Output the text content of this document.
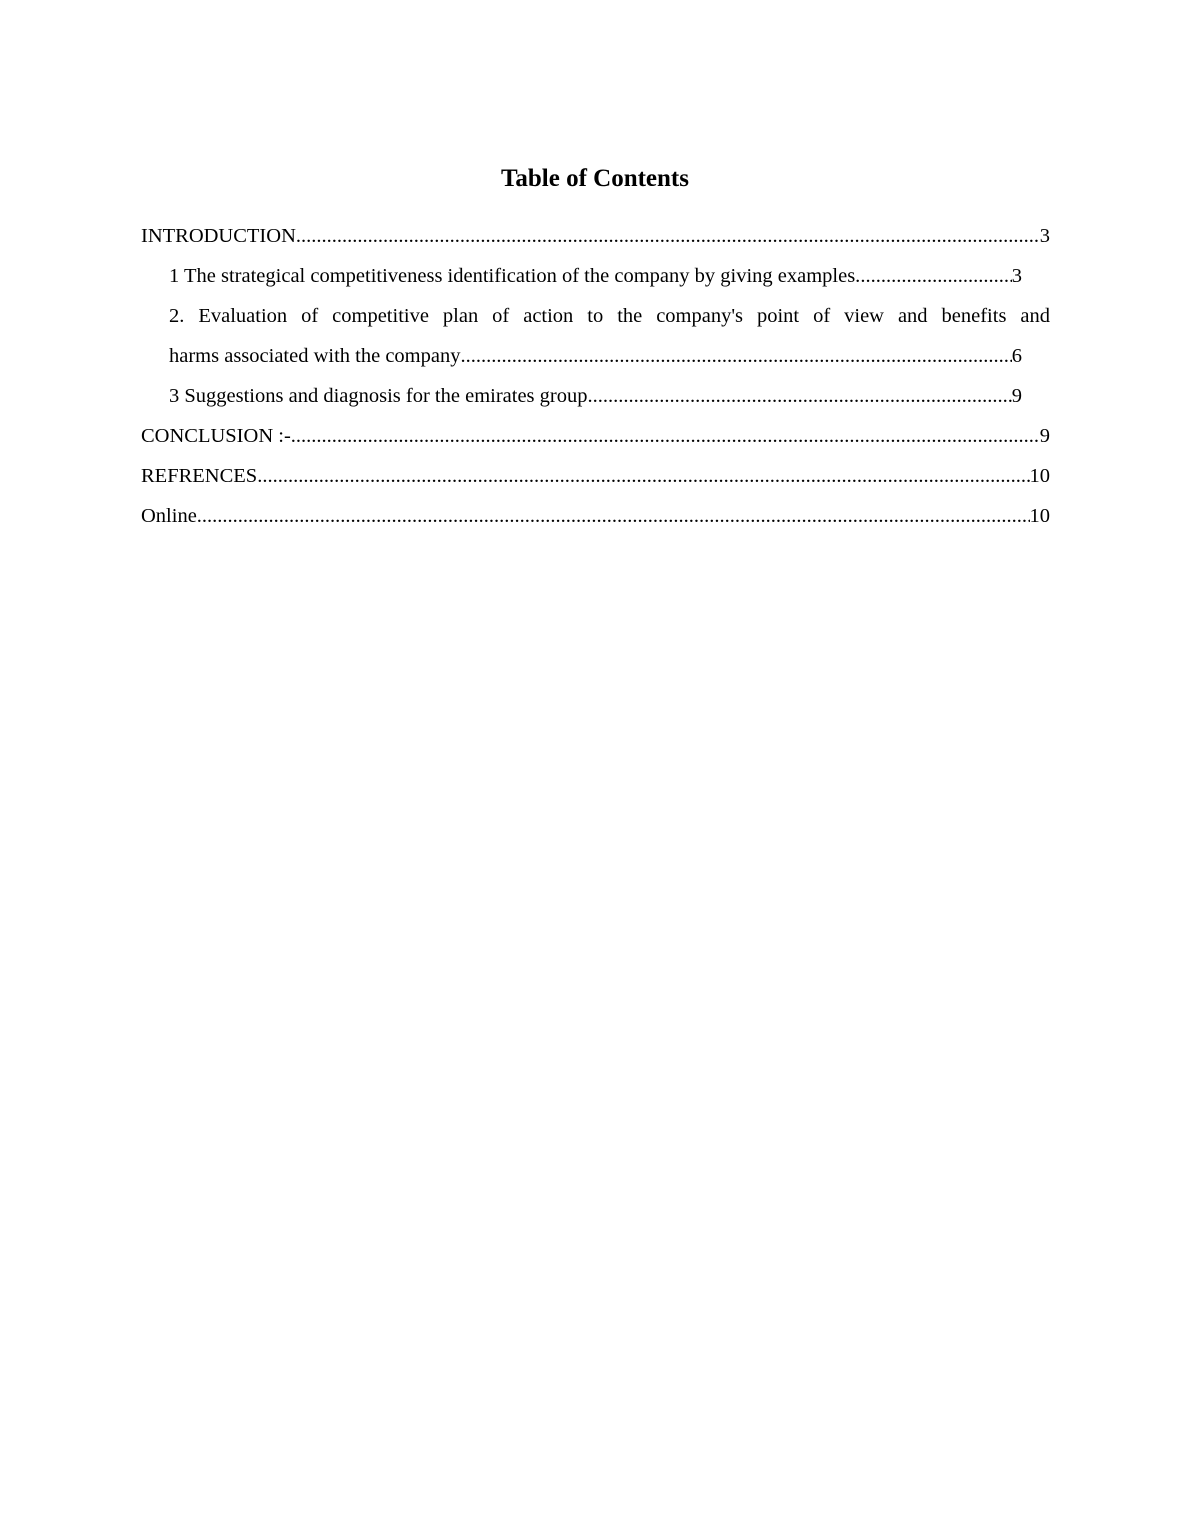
Table of Contents
INTRODUCTION .....	3
1 The strategical competitiveness identification of the company by giving examples. .....	3
2. Evaluation of competitive plan of action to the company's point of view and benefits and
harms associated with the company .....	6
3 Suggestions and diagnosis for the emirates group .....	9
CONCLUSION :- .....	9
REFRENCES .....	10
Online .....	10
